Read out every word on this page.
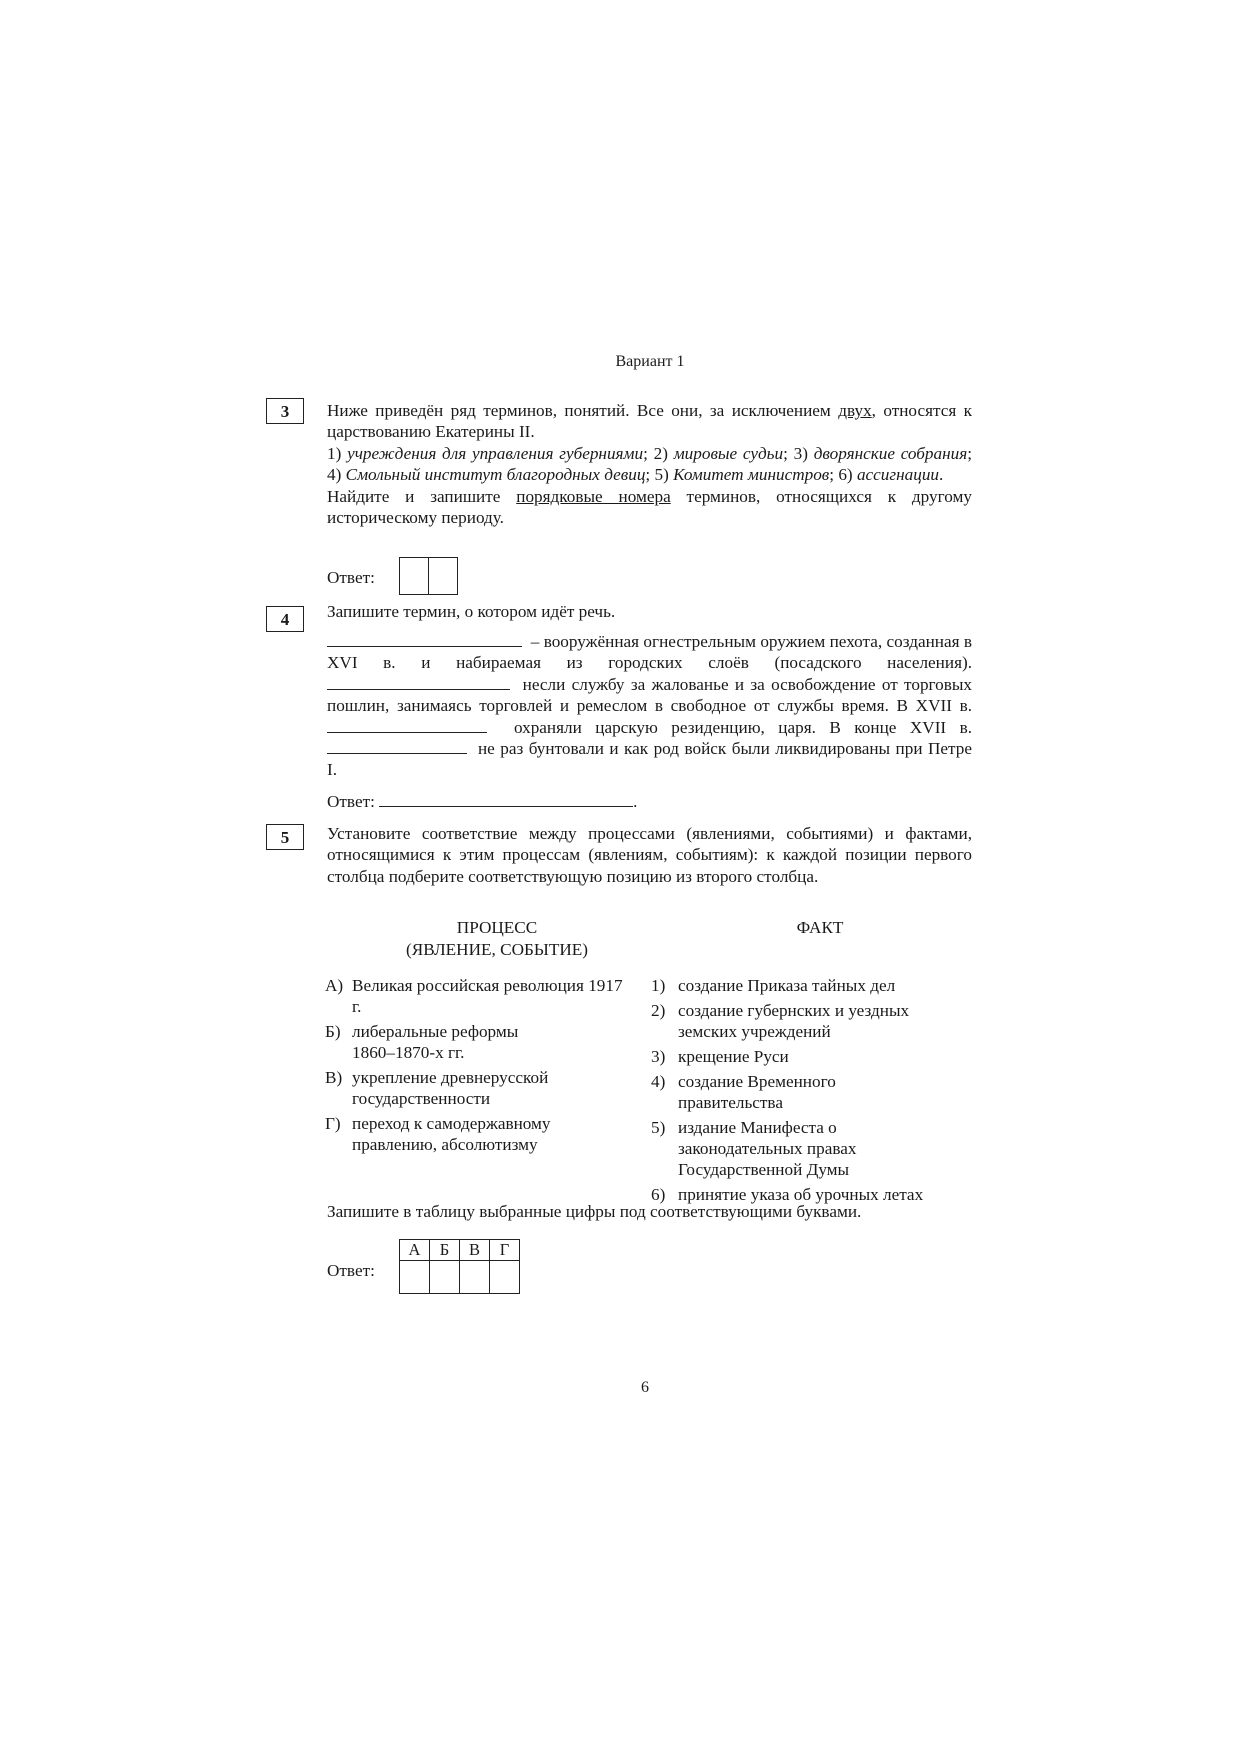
Вариант 1
3	Ниже приведён ряд терминов, понятий. Все они, за исключением двух, относятся к царствованию Екатерины II.
1) учреждения для управления губерниями; 2) мировые судьи; 3) дворянские собрания; 4) Смольный институт благородных девиц; 5) Комитет министров; 6) ассигнации.
Найдите и запишите порядковые номера терминов, относящихся к другому историческому периоду.
Ответ:
4	Запишите термин, о котором идёт речь.
– вооружённая огнестрельным оружием пехота, созданная в XVI в. и набираемая из городских слоёв (посадского населения).   несли службу за жалованье и за освобождение от торговых пошлин, занимаясь торговлей и ремеслом в свободное от службы время. В XVII в.   охраняли царскую резиденцию, царя. В конце XVII в.   не раз бунтовали и как род войск были ликвидированы при Петре I.
Ответ:	.
5	Установите соответствие между процессами (явлениями, событиями) и фактами, относящимися к этим процессам (явлениям, событиям): к каждой позиции первого столбца подберите соответствующую позицию из второго столбца.
ПРОЦЕСС
(ЯВЛЕНИЕ, СОБЫТИЕ)
ФАКТ
А) Великая российская революция 1917 г.
Б) либеральные реформы 1860–1870-х гг.
В) укрепление древнерусской государственности
Г) переход к самодержавному правлению, абсолютизму
1) создание Приказа тайных дел
2) создание губернских и уездных земских учреждений
3) крещение Руси
4) создание Временного правительства
5) издание Манифеста о законодательных правах Государственной Думы
6) принятие указа об урочных летах
Запишите в таблицу выбранные цифры под соответствующими буквами.
Ответ:
А	Б	В	Г

6
